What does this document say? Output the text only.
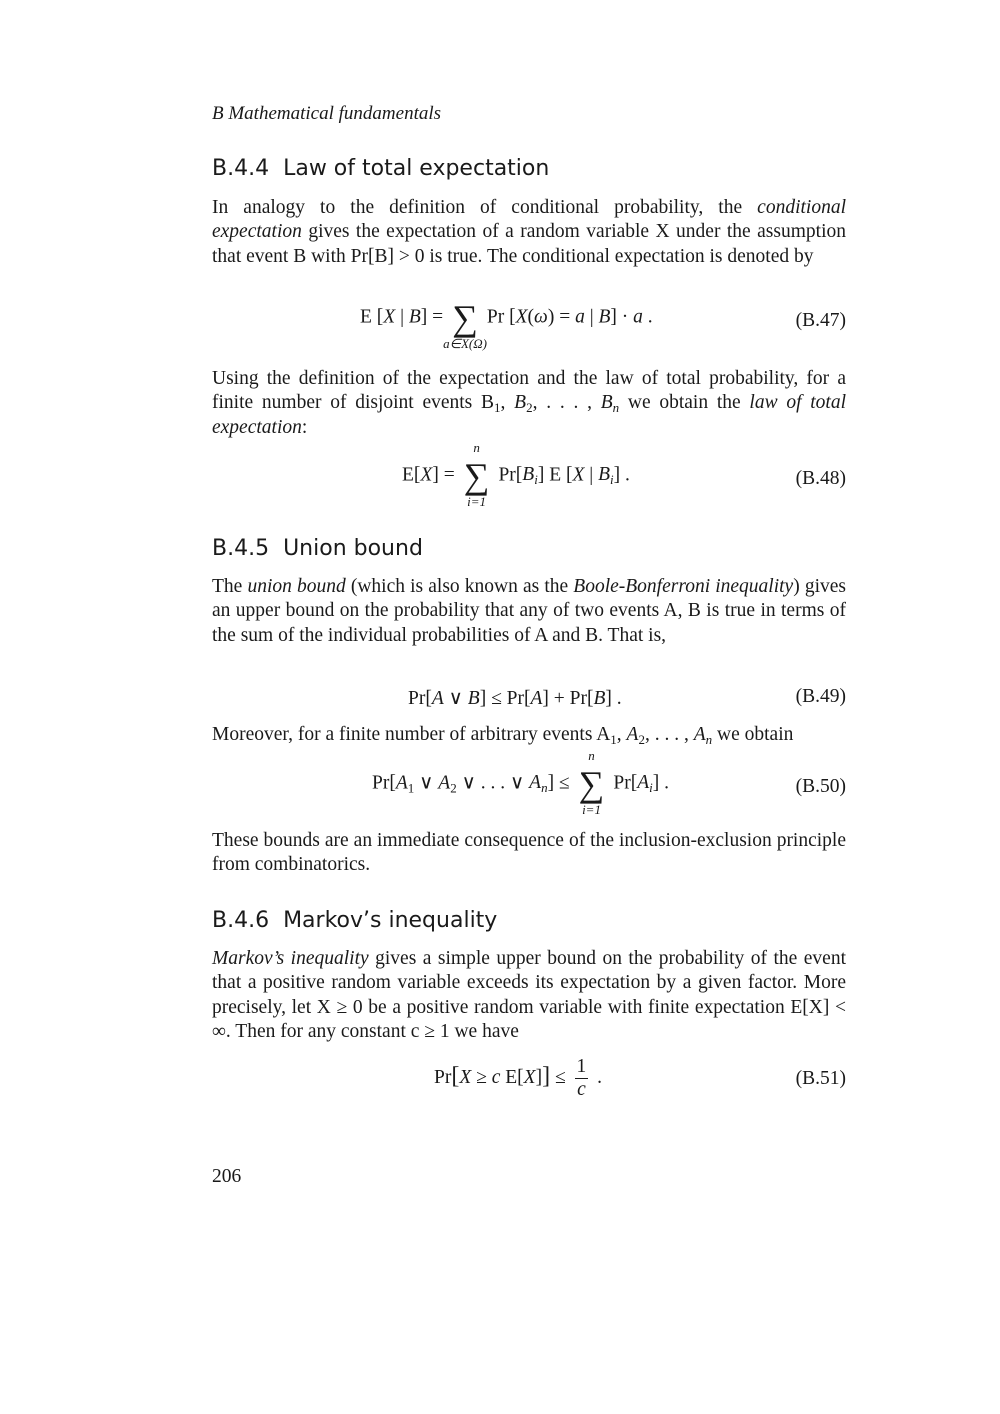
B Mathematical fundamentals
B.4.4 Law of total expectation

In analogy to the definition of conditional probability, the conditional expectation gives the expectation of a random variable X under the assumption that event B with Pr[B] > 0 is true. The conditional expectation is denoted by

E [X | B] = ∑
a∈X(Ω)
Pr [X(ω) = a | B] · a .	(B.47)

Using the definition of the expectation and the law of total probability, for a finite number of disjoint events $B_1$, $B_2$, . . . , $B_n$ we obtain the law of total expectation:

E[X] =
n
∑
i=1
$Pr[B_i]$ E [X | $B_i$] .	(B.48)
B.4.5 Union bound

The union bound (which is also known as the Boole-Bonferroni inequality) gives an upper bound on the probability that any of two events A, B is true in terms of the sum of the individual probabilities of A and B. That is,

Pr[A ∨ B] ≤ Pr[A] + Pr[B] .	(B.49)

Moreover, for a finite number of arbitrary events $A_1$, $A_2$, . . . , $A_n$ we obtain

$Pr[A_1$ ∨ $A_2$ ∨ . . . ∨ $A_n$] ≤
n
∑
i=1
$Pr[A_i]$ .	(B.50)

These bounds are an immediate consequence of the inclusion-exclusion principle from combinatorics.

B.4.6 Markov’s inequality

Markov’s inequality gives a simple upper bound on the probability of the event that a positive random variable exceeds its expectation by a given factor. More precisely, let X ≥ 0 be a positive random variable with finite expectation E[X] < ∞. Then for any constant c ≥ 1 we have

Pr[X ≥ c $E[X]] \le \frac{1}{c}$ .	(B.51)
206
